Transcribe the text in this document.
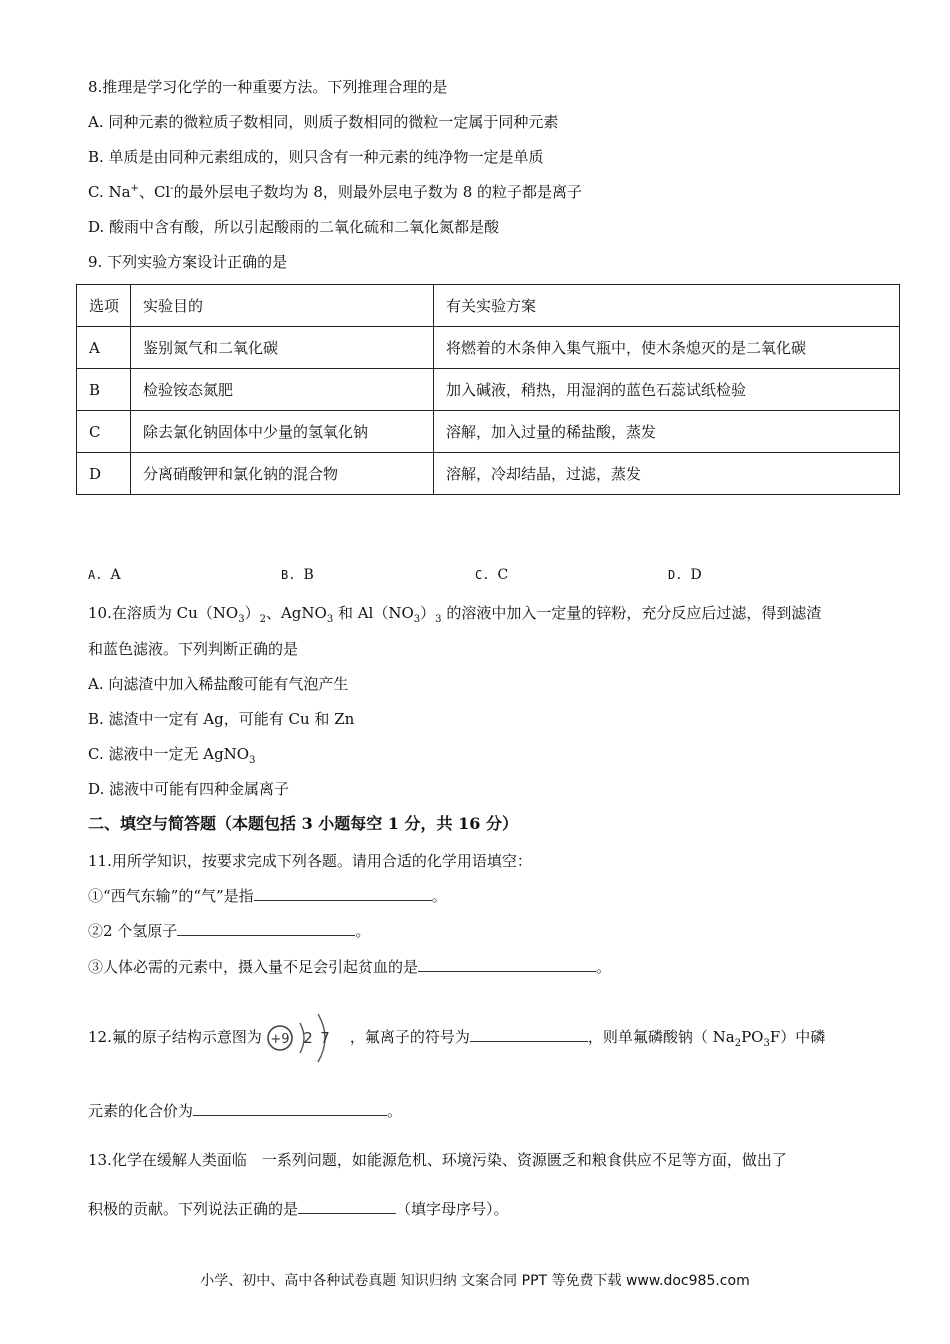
8.推理是学习化学的一种重要方法。下列推理合理的是
A. 同种元素的微粒质子数相同，则质子数相同的微粒一定属于同种元素
B. 单质是由同种元素组成的，则只含有一种元素的纯净物一定是单质
C. Na+、Cl-的最外层电子数均为 8，则最外层电子数为 8 的粒子都是离子
D. 酸雨中含有酸，所以引起酸雨的二氧化硫和二氧化氮都是酸
9. 下列实验方案设计正确的是
选项	实验目的	有关实验方案
A	鉴别氮气和二氧化碳	将燃着的木条伸入集气瓶中，使木条熄灭的是二氧化碳
B	检验铵态氮肥	加入碱液，稍热，用湿润的蓝色石蕊试纸检验
C	除去氯化钠固体中少量的氢氧化钠	溶解，加入过量的稀盐酸，蒸发
D	分离硝酸钾和氯化钠的混合物	溶解，冷却结晶，过滤，蒸发
A. A	B. B	C. C	D. D
10.在溶质为 $Cu(NO_3)_2$、AgNO$_3$ 和 $Al(NO_3)_3$ 的溶液中加入一定量的锌粉，充分反应后过滤，得到滤渣
和蓝色滤液。下列判断正确的是
A. 向滤渣中加入稀盐酸可能有气泡产生
B. 滤渣中一定有 Ag，可能有 Cu 和 Zn
C. 滤液中一定无 AgNO$_3$
D. 滤液中可能有四种金属离子
二、填空与简答题（本题包括 3 小题每空 1 分，共 16 分）
11.用所学知识，按要求完成下列各题。请用合适的化学用语填空：
①“西气东输”的“气”是指	。
②2 个氢原子	。
③人体必需的元素中，摄入量不足会引起贫血的是	。
12.氟的原子结构示意图为 +9 2 7 ，氟离子的符号为	，则单氟磷酸钠（ $Na_2PO_3F$）中磷
元素的化合价为	。
13.化学在缓解人类面临　一系列问题，如能源危机、环境污染、资源匮乏和粮食供应不足等方面，做出了
积极的贡献。下列说法正确的是	（填字母序号）。
小学、初中、高中各种试卷真题 知识归纳 文案合同 PPT 等免费下载 www.doc985.com
